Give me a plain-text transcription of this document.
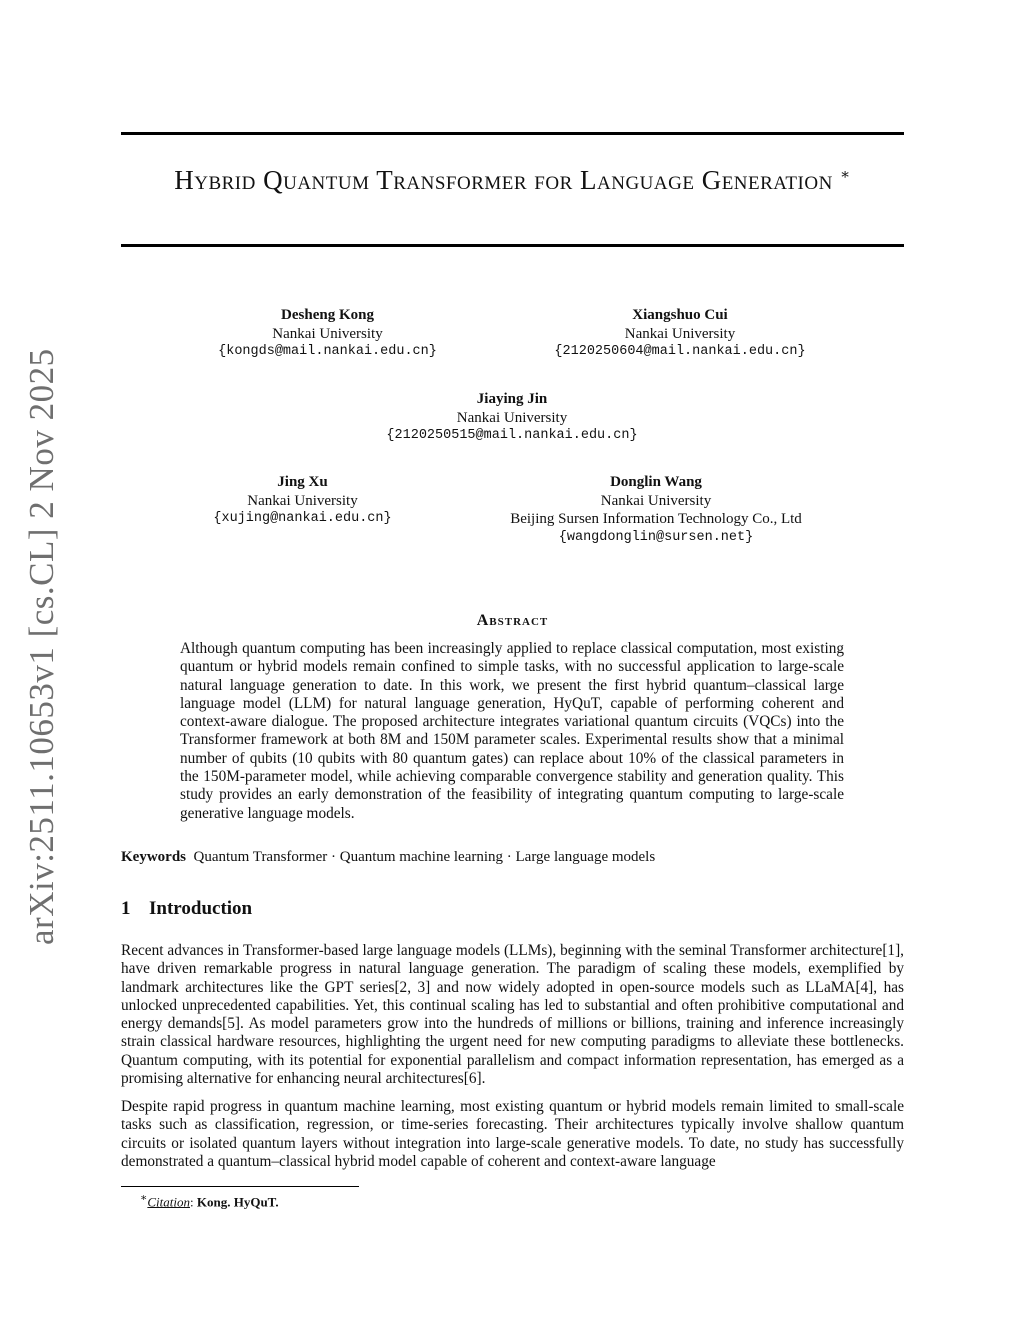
arXiv:2511.10653v1 [cs.CL] 2 Nov 2025
Hybrid Quantum Transformer for Language Generation ∗
Desheng Kong
Nankai University
{kongds@mail.nankai.edu.cn}
Xiangshuo Cui
Nankai University
{2120250604@mail.nankai.edu.cn}
Jiaying Jin
Nankai University
{2120250515@mail.nankai.edu.cn}
Jing Xu
Nankai University
{xujing@nankai.edu.cn}
Donglin Wang
Nankai University
Beijing Sursen Information Technology Co., Ltd
{wangdonglin@sursen.net}
Abstract
Although quantum computing has been increasingly applied to replace classical computation, most existing quantum or hybrid models remain confined to simple tasks, with no successful application to large-scale natural language generation to date. In this work, we present the first hybrid quantum–classical large language model (LLM) for natural language generation, HyQuT, capable of performing coherent and context-aware dialogue. The proposed architecture integrates variational quantum circuits (VQCs) into the Transformer framework at both 8M and 150M parameter scales. Experimental results show that a minimal number of qubits (10 qubits with 80 quantum gates) can replace about 10% of the classical parameters in the 150M-parameter model, while achieving comparable convergence stability and generation quality. This study provides an early demonstration of the feasibility of integrating quantum computing to large-scale generative language models.
Keywords Quantum Transformer · Quantum machine learning · Large language models
1 Introduction
Recent advances in Transformer-based large language models (LLMs), beginning with the seminal Transformer architecture[1], have driven remarkable progress in natural language generation. The paradigm of scaling these models, exemplified by landmark architectures like the GPT series[2, 3] and now widely adopted in open-source models such as LLaMA[4], has unlocked unprecedented capabilities. Yet, this continual scaling has led to substantial and often prohibitive computational and energy demands[5]. As model parameters grow into the hundreds of millions or billions, training and inference increasingly strain classical hardware resources, highlighting the urgent need for new computing paradigms to alleviate these bottlenecks. Quantum computing, with its potential for exponential parallelism and compact information representation, has emerged as a promising alternative for enhancing neural architectures[6].
Despite rapid progress in quantum machine learning, most existing quantum or hybrid models remain limited to small-scale tasks such as classification, regression, or time-series forecasting. Their architectures typically involve shallow quantum circuits or isolated quantum layers without integration into large-scale generative models. To date, no study has successfully demonstrated a quantum–classical hybrid model capable of coherent and context-aware language
∗Citation: Kong. HyQuT.
